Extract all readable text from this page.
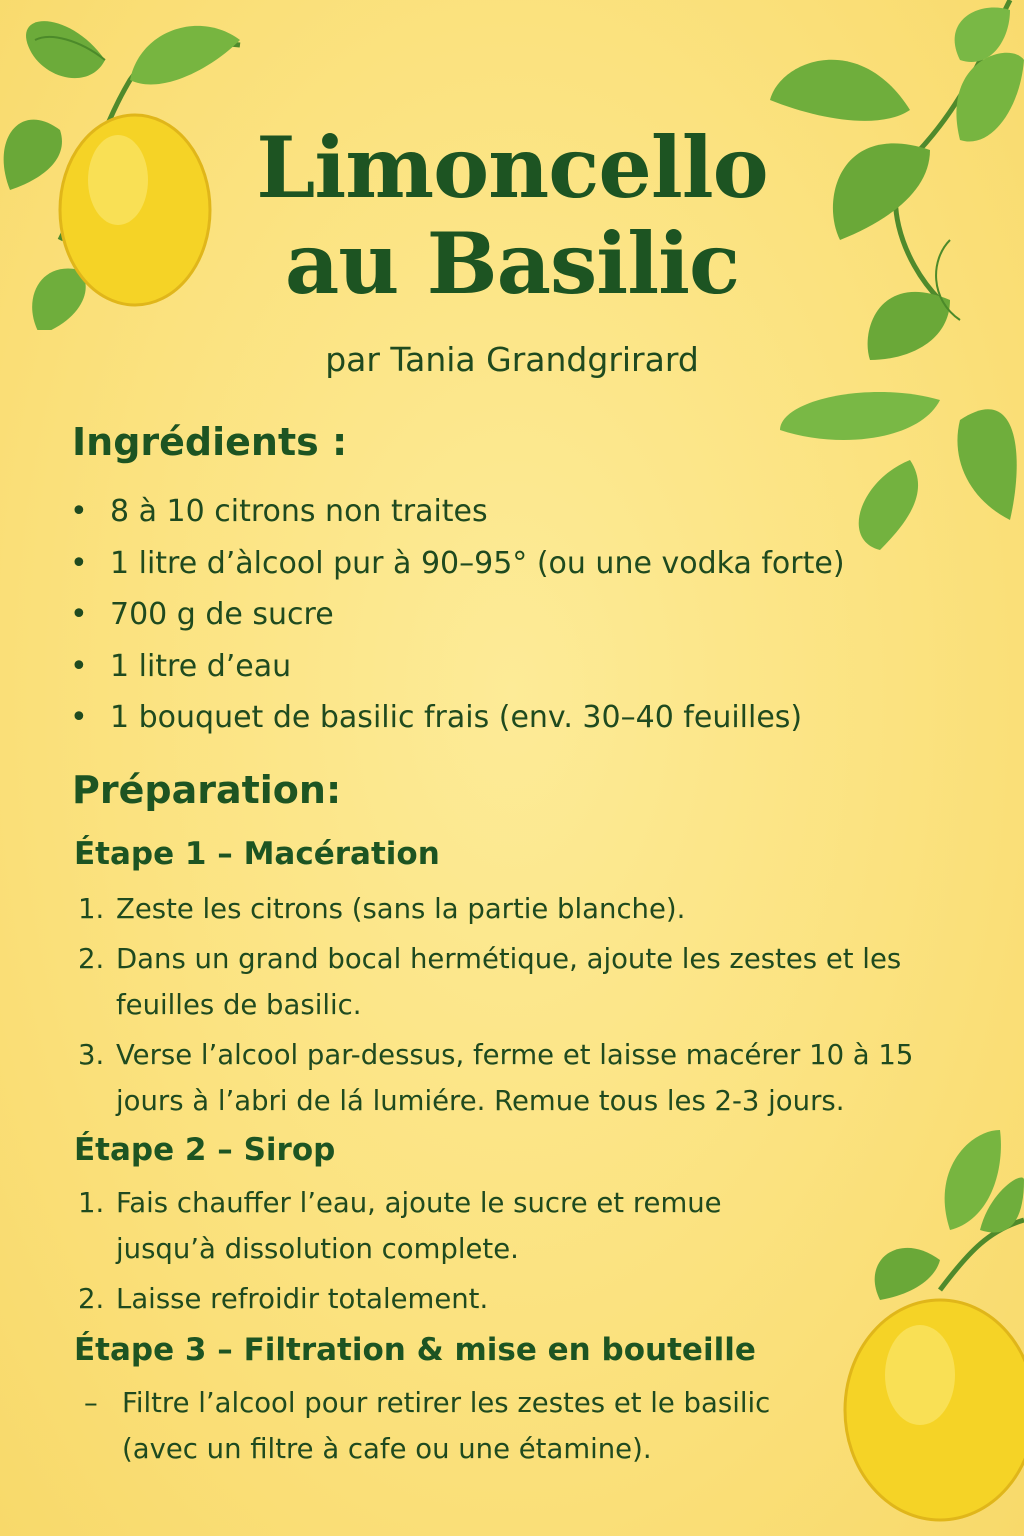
Limoncello
au Basilic
par Tania Grandgrirard
Ingrédients :
• 8 à 10 citrons non traites
• 1 litre d’àlcool pur à 90–95° (ou une vodka forte)
• 700 g de sucre
• 1 litre d’eau
• 1 bouquet de basilic frais (env. 30–40 feuilles)
Préparation:
Étape 1 – Macération
1. Zeste les citrons (sans la partie blanche).
2. Dans un grand bocal hermétique, ajoute les zestes et les feuilles de basilic.
3. Verse l’alcool par-dessus, ferme et laisse macérer 10 à 15 jours à l’abri de lá lumiére. Remue tous les 2-3 jours.
Étape 2 – Sirop
1. Fais chauffer l’eau, ajoute le sucre et remue jusqu’à dissolution complete.
2. Laisse refroidir totalement.
Étape 3 – Filtration & mise en bouteille
– Filtre l’alcool pour retirer les zestes et le basilic (avec un filtre à cafe ou une étamine).
